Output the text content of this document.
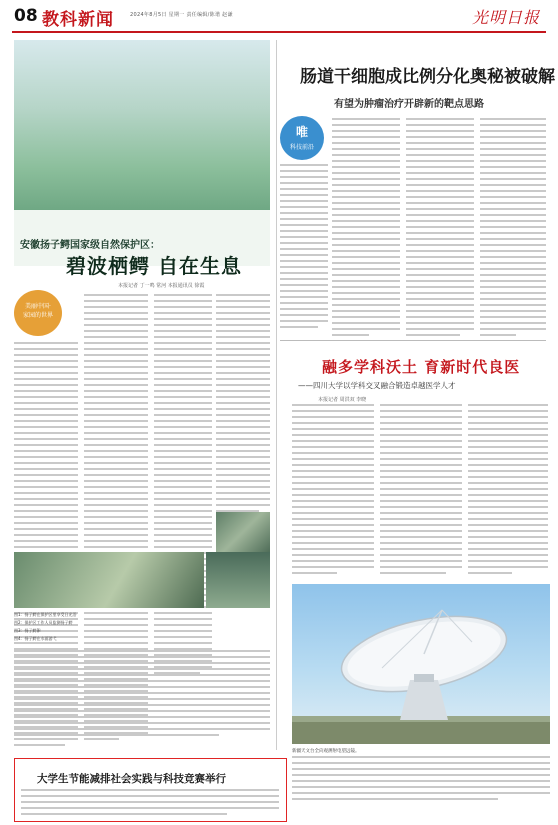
08 教科新闻	2024年8月5日 星期一 责任编辑/陈谐 赵谦	光明日报
肠道干细胞成比例分化奥秘被破解
有望为肿瘤治疗开辟新的靶点思路
唯
科技前沿
安徽扬子鳄国家级自然保护区：
碧波栖鳄 自在生息
本报记者 丁一鸣 常河 本报通讯员 徐霞
美丽中国·
家园的世界
图1：扬子鳄在保护区里享受日光浴
图2：保护区工作人员监测扬子鳄
图3：扬子鳄卵
图4：扬子鳄在水面游弋
融多学科沃土 育新时代良医
——四川大学以学科交叉融合锻造卓越医学人才
本报记者 周洪双 李晓
新疆天文台全向观测射电望远镜。
大学生节能减排社会实践与科技竞赛举行
